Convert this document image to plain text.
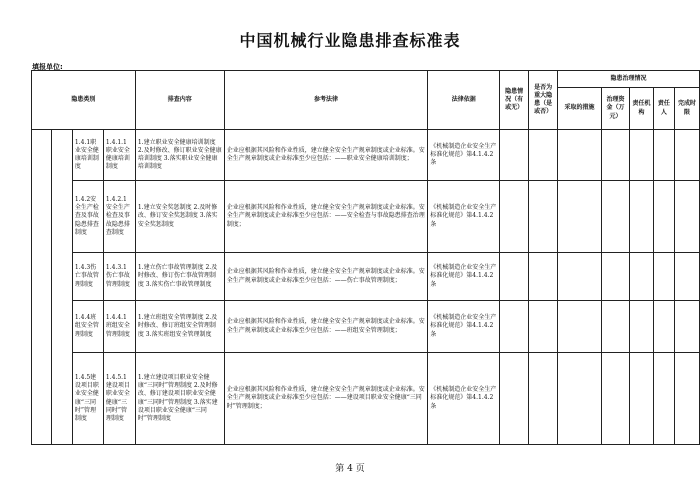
中国机械行业隐患排查标准表
填报单位:
隐患类别				排查内容	参考法律	法律依据	隐患情况（有或无）	是否为重大隐患（是或否）	隐患治理情况				
									采取的措施	治理资金（万元）	责任机构	责任人	完成时限
		1.4.1职业安全健康培训制度	1.4.1.1职业安全健康培训制度	1.建立职业安全健康培训制度 2.及时修改、修订职业安全健康培训制度 3.落实职业安全健康培训制度	企业应根据其风险和作业性质，建立健全安全生产规章制度或企业标准。安全生产规章制度或企业标准至少应包括：——职业安全健康培训制度；	《机械制造企业安全生产标准化规范》第4.1.4.2条							
		1.4.2安全生产检查及事故隐患排查制度	1.4.2.1安全生产检查及事故隐患排查制度	1.建立安全奖惩制度 2.及时修改、修订安全奖惩制度 3.落实安全奖惩制度	企业应根据其风险和作业性质，建立健全安全生产规章制度或企业标准。安全生产规章制度或企业标准至少应包括：——安全检查与事故隐患排查治理制度；	《机械制造企业安全生产标准化规范》第4.1.4.2条							
		1.4.3伤亡事故管理制度	1.4.3.1伤亡事故管理制度	1.建立伤亡事故管理制度 2.及时修改、修订伤亡事故管理制度 3.落实伤亡事故管理制度	企业应根据其风险和作业性质，建立健全安全生产规章制度或企业标准。安全生产规章制度或企业标准至少应包括：——伤亡事故管理制度；	《机械制造企业安全生产标准化规范》第4.1.4.2条							
		1.4.4班组安全管理制度	1.4.4.1班组安全管理制度	1.建立班组安全管理制度 2.及时修改、修订班组安全管理制度 3.落实班组安全管理制度	企业应根据其风险和作业性质，建立健全安全生产规章制度或企业标准。安全生产规章制度或企业标准至少应包括：——班组安全管理制度；	《机械制造企业安全生产标准化规范》第4.1.4.2条							
		1.4.5建设项目职业安全健康“三同时”管理制度	1.4.5.1建设项目职业安全健康“三同时”管理制度	1.建立建设项目职业安全健康“三同时”管理制度 2.及时修改、修订建设项目职业安全健康“三同时”管理制度 3.落实建设项目职业安全健康“三同时”管理制度	企业应根据其风险和作业性质，建立健全安全生产规章制度或企业标准。安全生产规章制度或企业标准至少应包括：——建设项目职业安全健康“三同时”管理制度；	《机械制造企业安全生产标准化规范》第4.1.4.2条							
第 4 页
